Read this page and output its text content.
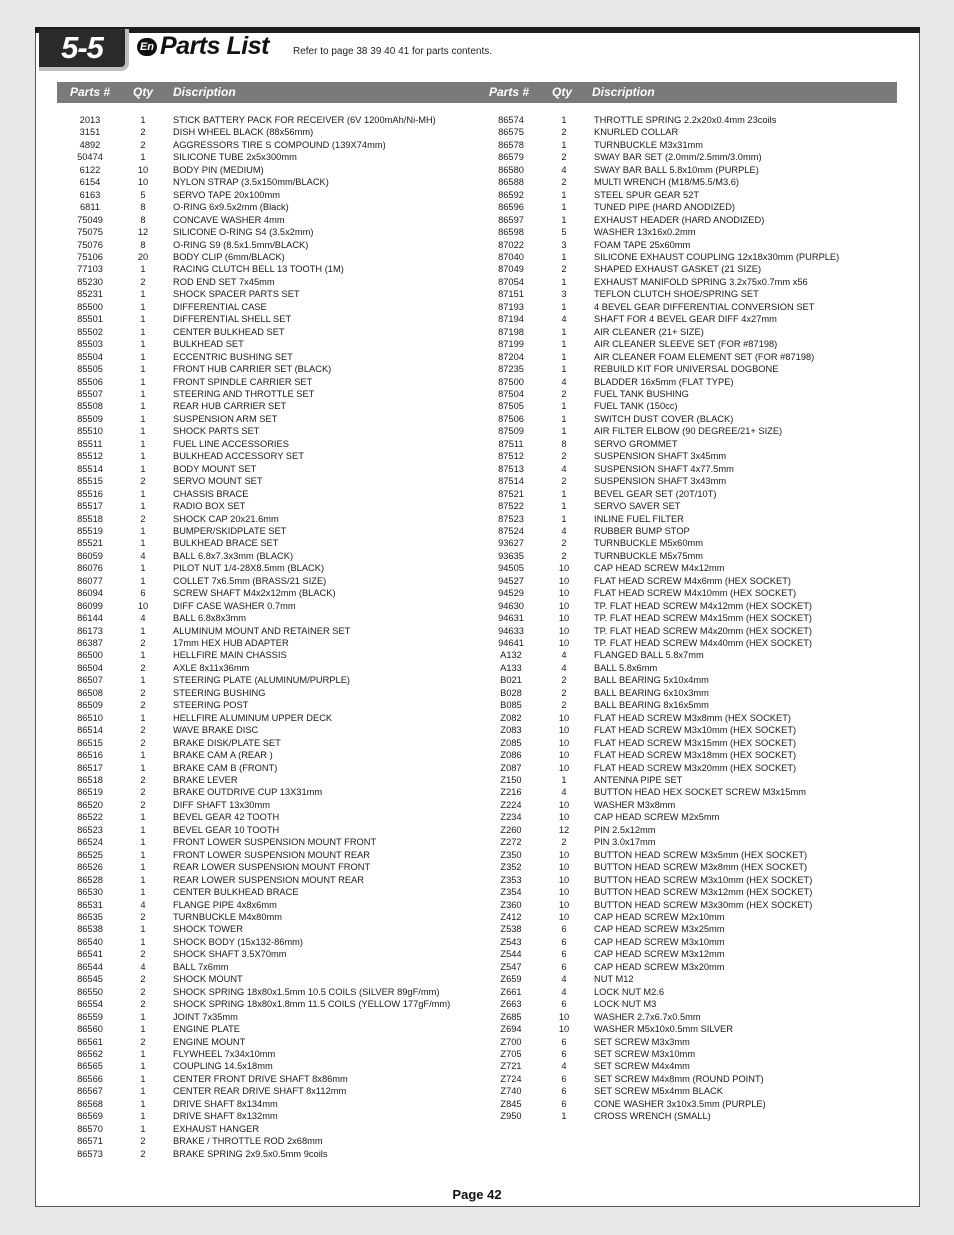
5-5	En Parts List Refer to page 38 39 40 41 for parts contents.
Parts # Qty Discription	Parts # Qty Discription
2013	1	STICK BATTERY PACK FOR RECEIVER (6V 1200mAh/Ni-MH)
3151	2	DISH WHEEL BLACK (88x56mm)
4892	2	AGGRESSORS TIRE S COMPOUND (139X74mm)
50474	1	SILICONE TUBE 2x5x300mm
6122	10	BODY PIN (MEDIUM)
6154	10	NYLON STRAP (3.5x150mm/BLACK)
6163	5	SERVO TAPE 20x100mm
6811	8	O-RING 6x9.5x2mm (Black)
75049	8	CONCAVE WASHER 4mm
75075	12	SILICONE O-RING S4 (3.5x2mm)
75076	8	O-RING S9 (8.5x1.5mm/BLACK)
75106	20	BODY CLIP (6mm/BLACK)
77103	1	RACING CLUTCH BELL 13 TOOTH (1M)
85230	2	ROD END SET 7x45mm
85231	1	SHOCK SPACER PARTS SET
85500	1	DIFFERENTIAL CASE
85501	1	DIFFERENTIAL SHELL SET
85502	1	CENTER BULKHEAD SET
85503	1	BULKHEAD SET
85504	1	ECCENTRIC BUSHING SET
85505	1	FRONT HUB CARRIER SET (BLACK)
85506	1	FRONT SPINDLE CARRIER SET
85507	1	STEERING AND THROTTLE SET
85508	1	REAR HUB CARRIER SET
85509	1	SUSPENSION ARM SET
85510	1	SHOCK PARTS SET
85511	1	FUEL LINE ACCESSORIES
85512	1	BULKHEAD ACCESSORY SET
85514	1	BODY MOUNT SET
85515	2	SERVO MOUNT SET
85516	1	CHASSIS BRACE
85517	1	RADIO BOX SET
85518	2	SHOCK CAP 20x21.6mm
85519	1	BUMPER/SKIDPLATE SET
85521	1	BULKHEAD BRACE SET
86059	4	BALL 6.8x7.3x3mm (BLACK)
86076	1	PILOT NUT 1/4-28X8.5mm (BLACK)
86077	1	COLLET 7x6.5mm (BRASS/21 SIZE)
86094	6	SCREW SHAFT M4x2x12mm (BLACK)
86099	10	DIFF CASE WASHER 0.7mm
86144	4	BALL 6.8x8x3mm
86173	1	ALUMINUM MOUNT AND RETAINER SET
86387	2	17mm HEX HUB ADAPTER
86500	1	HELLFIRE MAIN CHASSIS
86504	2	AXLE 8x11x36mm
86507	1	STEERING PLATE (ALUMINUM/PURPLE)
86508	2	STEERING BUSHING
86509	2	STEERING POST
86510	1	HELLFIRE ALUMINUM UPPER DECK
86514	2	WAVE BRAKE DISC
86515	2	BRAKE DISK/PLATE SET
86516	1	BRAKE CAM A (REAR )
86517	1	BRAKE CAM B (FRONT)
86518	2	BRAKE LEVER
86519	2	BRAKE OUTDRIVE CUP 13X31mm
86520	2	DIFF SHAFT 13x30mm
86522	1	BEVEL GEAR 42 TOOTH
86523	1	BEVEL GEAR 10 TOOTH
86524	1	FRONT LOWER SUSPENSION MOUNT FRONT
86525	1	FRONT LOWER SUSPENSION MOUNT REAR
86526	1	REAR LOWER SUSPENSION MOUNT FRONT
86528	1	REAR LOWER SUSPENSION MOUNT REAR
86530	1	CENTER BULKHEAD BRACE
86531	4	FLANGE PIPE 4x8x6mm
86535	2	TURNBUCKLE M4x80mm
86538	1	SHOCK TOWER
86540	1	SHOCK BODY (15x132-86mm)
86541	2	SHOCK SHAFT 3.5X70mm
86544	4	BALL 7x6mm
86545	2	SHOCK MOUNT
86550	2	SHOCK SPRING 18x80x1.5mm 10.5 COILS (SILVER 89gF/mm)
86554	2	SHOCK SPRING 18x80x1.8mm 11.5 COILS (YELLOW 177gF/mm)
86559	1	JOINT 7x35mm
86560	1	ENGINE PLATE
86561	2	ENGINE MOUNT
86562	1	FLYWHEEL 7x34x10mm
86565	1	COUPLING 14.5x18mm
86566	1	CENTER FRONT DRIVE SHAFT 8x86mm
86567	1	CENTER REAR DRIVE SHAFT 8x112mm
86568	1	DRIVE SHAFT 8x134mm
86569	1	DRIVE SHAFT 8x132mm
86570	1	EXHAUST HANGER
86571	2	BRAKE / THROTTLE ROD 2x68mm
86573	2	BRAKE SPRING 2x9.5x0.5mm 9coils
86574	1	THROTTLE SPRING 2.2x20x0.4mm 23coils
86575	2	KNURLED COLLAR
86578	1	TURNBUCKLE M3x31mm
86579	2	SWAY BAR SET (2.0mm/2.5mm/3.0mm)
86580	4	SWAY BAR BALL 5.8x10mm (PURPLE)
86588	2	MULTI WRENCH (M18/M5.5/M3.6)
86592	1	STEEL SPUR GEAR 52T
86596	1	TUNED PIPE (HARD ANODIZED)
86597	1	EXHAUST HEADER (HARD ANODIZED)
86598	5	WASHER 13x16x0.2mm
87022	3	FOAM TAPE 25x60mm
87040	1	SILICONE EXHAUST COUPLING 12x18x30mm (PURPLE)
87049	2	SHAPED EXHAUST GASKET (21 SIZE)
87054	1	EXHAUST MANIFOLD SPRING 3.2x75x0.7mm x56
87151	3	TEFLON CLUTCH SHOE/SPRING SET
87193	1	4 BEVEL GEAR DIFFERENTIAL CONVERSION SET
87194	4	SHAFT FOR 4 BEVEL GEAR DIFF 4x27mm
87198	1	AIR CLEANER (21+ SIZE)
87199	1	AIR CLEANER SLEEVE SET (FOR #87198)
87204	1	AIR CLEANER FOAM ELEMENT SET (FOR #87198)
87235	1	REBUILD KIT FOR UNIVERSAL DOGBONE
87500	4	BLADDER 16x5mm (FLAT TYPE)
87504	2	FUEL TANK BUSHING
87505	1	FUEL TANK (150cc)
87506	1	SWITCH DUST COVER (BLACK)
87509	1	AIR FILTER ELBOW (90 DEGREE/21+ SIZE)
87511	8	SERVO GROMMET
87512	2	SUSPENSION SHAFT 3x45mm
87513	4	SUSPENSION SHAFT 4x77.5mm
87514	2	SUSPENSION SHAFT 3x43mm
87521	1	BEVEL GEAR SET (20T/10T)
87522	1	SERVO SAVER SET
87523	1	INLINE FUEL FILTER
87524	4	RUBBER BUMP STOP
93627	2	TURNBUCKLE M5x60mm
93635	2	TURNBUCKLE M5x75mm
94505	10	CAP HEAD SCREW M4x12mm
94527	10	FLAT HEAD SCREW M4x6mm (HEX SOCKET)
94529	10	FLAT HEAD SCREW M4x10mm (HEX SOCKET)
94630	10	TP. FLAT HEAD SCREW M4x12mm (HEX SOCKET)
94631	10	TP. FLAT HEAD SCREW M4x15mm (HEX SOCKET)
94633	10	TP. FLAT HEAD SCREW M4x20mm (HEX SOCKET)
94641	10	TP. FLAT HEAD SCREW M4x40mm (HEX SOCKET)
A132	4	FLANGED BALL 5.8x7mm
A133	4	BALL 5.8x6mm
B021	2	BALL BEARING 5x10x4mm
B028	2	BALL BEARING 6x10x3mm
B085	2	BALL BEARING 8x16x5mm
Z082	10	FLAT HEAD SCREW M3x8mm (HEX SOCKET)
Z083	10	FLAT HEAD SCREW M3x10mm (HEX SOCKET)
Z085	10	FLAT HEAD SCREW M3x15mm (HEX SOCKET)
Z086	10	FLAT HEAD SCREW M3x18mm (HEX SOCKET)
Z087	10	FLAT HEAD SCREW M3x20mm (HEX SOCKET)
Z150	1	ANTENNA PIPE SET
Z216	4	BUTTON HEAD HEX SOCKET SCREW M3x15mm
Z224	10	WASHER M3x8mm
Z234	10	CAP HEAD SCREW M2x5mm
Z260	12	PIN 2.5x12mm
Z272	2	PIN 3.0x17mm
Z350	10	BUTTON HEAD SCREW M3x5mm (HEX SOCKET)
Z352	10	BUTTON HEAD SCREW M3x8mm (HEX SOCKET)
Z353	10	BUTTON HEAD SCREW M3x10mm (HEX SOCKET)
Z354	10	BUTTON HEAD SCREW M3x12mm (HEX SOCKET)
Z360	10	BUTTON HEAD SCREW M3x30mm (HEX SOCKET)
Z412	10	CAP HEAD SCREW M2x10mm
Z538	6	CAP HEAD SCREW M3x25mm
Z543	6	CAP HEAD SCREW M3x10mm
Z544	6	CAP HEAD SCREW M3x12mm
Z547	6	CAP HEAD SCREW M3x20mm
Z659	4	NUT M12
Z661	4	LOCK NUT M2.6
Z663	6	LOCK NUT M3
Z685	10	WASHER 2.7x6.7x0.5mm
Z694	10	WASHER M5x10x0.5mm SILVER
Z700	6	SET SCREW M3x3mm
Z705	6	SET SCREW M3x10mm
Z721	4	SET SCREW M4x4mm
Z724	6	SET SCREW M4x8mm (ROUND POINT)
Z740	6	SET SCREW M5x4mm BLACK
Z845	6	CONE WASHER 3x10x3.5mm (PURPLE)
Z950	1	CROSS WRENCH (SMALL)
Page 42
